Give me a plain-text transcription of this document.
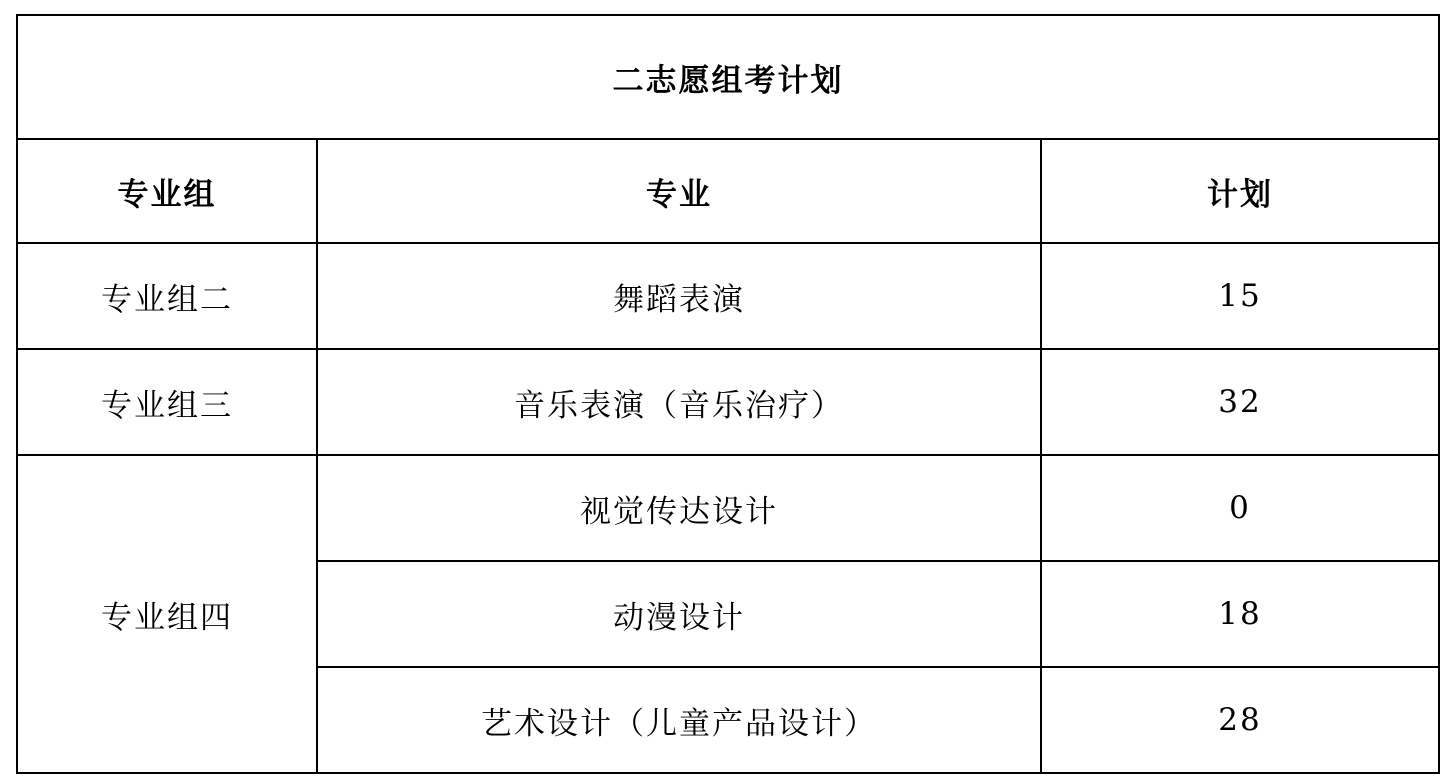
二志愿组考计划		
专业组	专业	计划
专业组二	舞蹈表演	15
专业组三	音乐表演（音乐治疗）	32
专业组四	视觉传达设计	0
	动漫设计	18
	艺术设计（儿童产品设计）	28
